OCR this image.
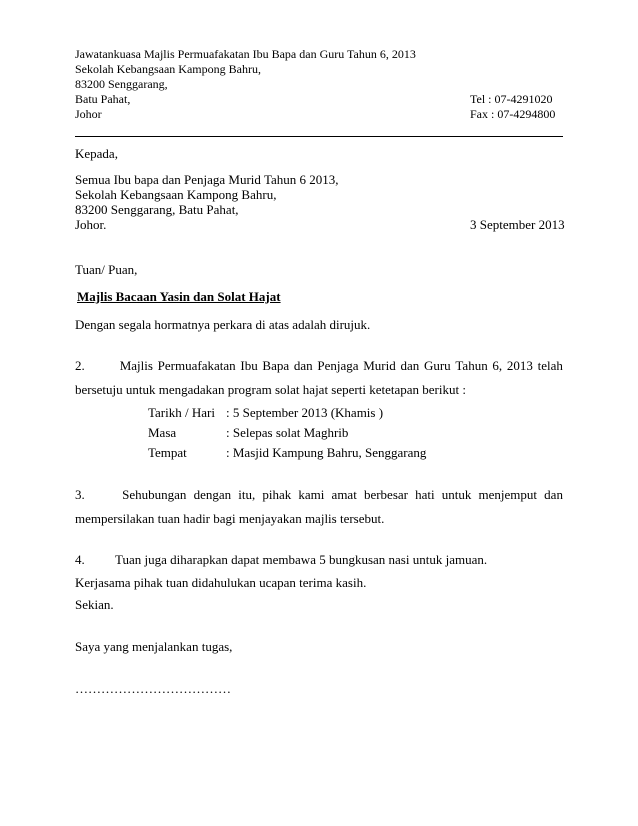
Jawatankuasa Majlis Permuafakatan Ibu Bapa dan Guru Tahun 6, 2013
Sekolah Kebangsaan Kampong Bahru,
83200 Senggarang,
Batu Pahat,
Johor
Tel : 07-4291020
Fax : 07-4294800
Kepada,
Semua Ibu bapa dan Penjaga Murid Tahun 6 2013,
Sekolah Kebangsaan Kampong Bahru,
83200 Senggarang, Batu Pahat,
Johor.	3 September 2013
Tuan/ Puan,
Majlis Bacaan Yasin dan Solat Hajat
Dengan segala hormatnya perkara di atas adalah dirujuk.
2.	Majlis Permuafakatan Ibu Bapa dan Penjaga Murid dan Guru Tahun 6, 2013 telah
bersetuju untuk mengadakan program solat hajat seperti ketetapan berikut :
Tarikh / Hari : 5 September 2013 (Khamis )
Masa	: Selepas solat Maghrib
Tempat	: Masjid Kampung Bahru, Senggarang
3.	Sehubungan dengan itu, pihak kami amat berbesar hati untuk menjemput dan
mempersilakan tuan hadir bagi menjayakan majlis tersebut.
4. Tuan juga diharapkan dapat membawa 5 bungkusan nasi untuk jamuan.
Kerjasama pihak tuan didahulukan ucapan terima kasih.
Sekian.
Saya yang menjalankan tugas,
………………………………
